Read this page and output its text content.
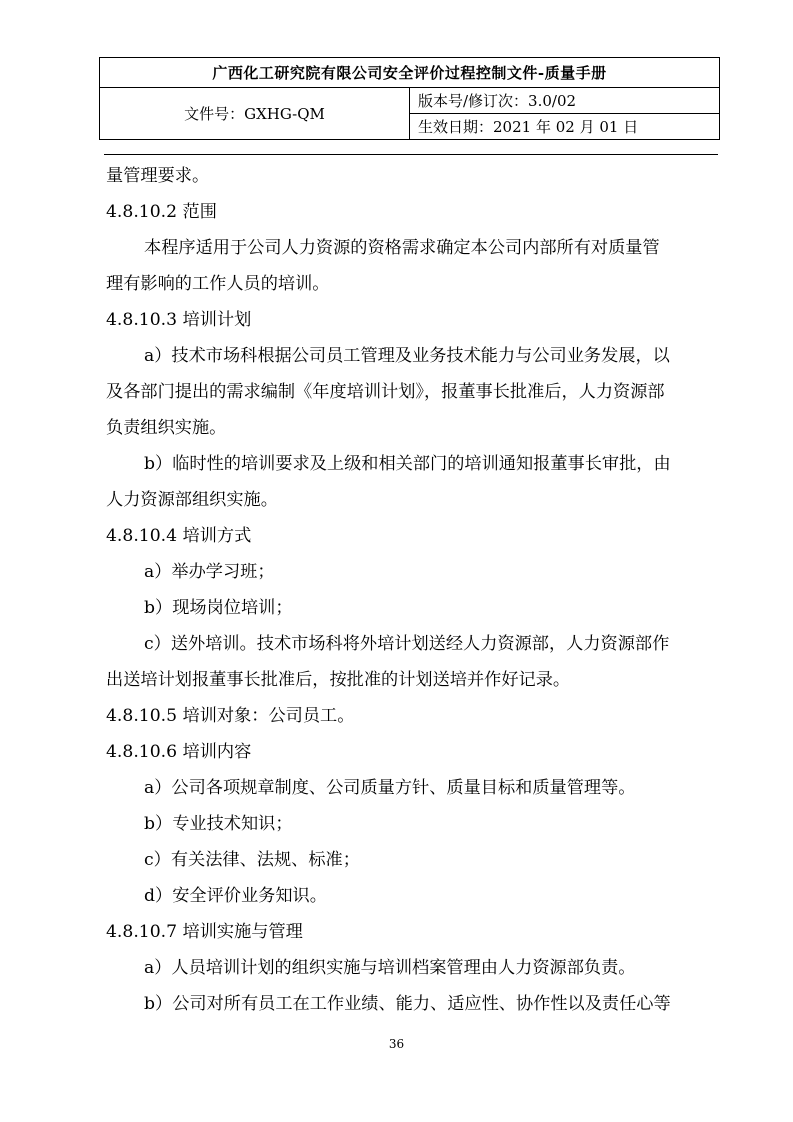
广西化工研究院有限公司安全评价过程控制文件-质量手册
文件号：GXHG-QM	版本号/修订次：3.0/02
生效日期：2021 年 02 月 01 日
量管理要求。
4.8.10.2 范围
本程序适用于公司人力资源的资格需求确定本公司内部所有对质量管
理有影响的工作人员的培训。
4.8.10.3 培训计划
a）技术市场科根据公司员工管理及业务技术能力与公司业务发展，以
及各部门提出的需求编制《年度培训计划》，报董事长批准后，人力资源部
负责组织实施。
b）临时性的培训要求及上级和相关部门的培训通知报董事长审批，由
人力资源部组织实施。
4.8.10.4 培训方式
a）举办学习班；
b）现场岗位培训；
c）送外培训。技术市场科将外培计划送经人力资源部，人力资源部作
出送培计划报董事长批准后，按批准的计划送培并作好记录。
4.8.10.5 培训对象：公司员工。
4.8.10.6 培训内容
a）公司各项规章制度、公司质量方针、质量目标和质量管理等。
b）专业技术知识；
c）有关法律、法规、标准；
d）安全评价业务知识。
4.8.10.7 培训实施与管理
a）人员培训计划的组织实施与培训档案管理由人力资源部负责。
b）公司对所有员工在工作业绩、能力、适应性、协作性以及责任心等
36
